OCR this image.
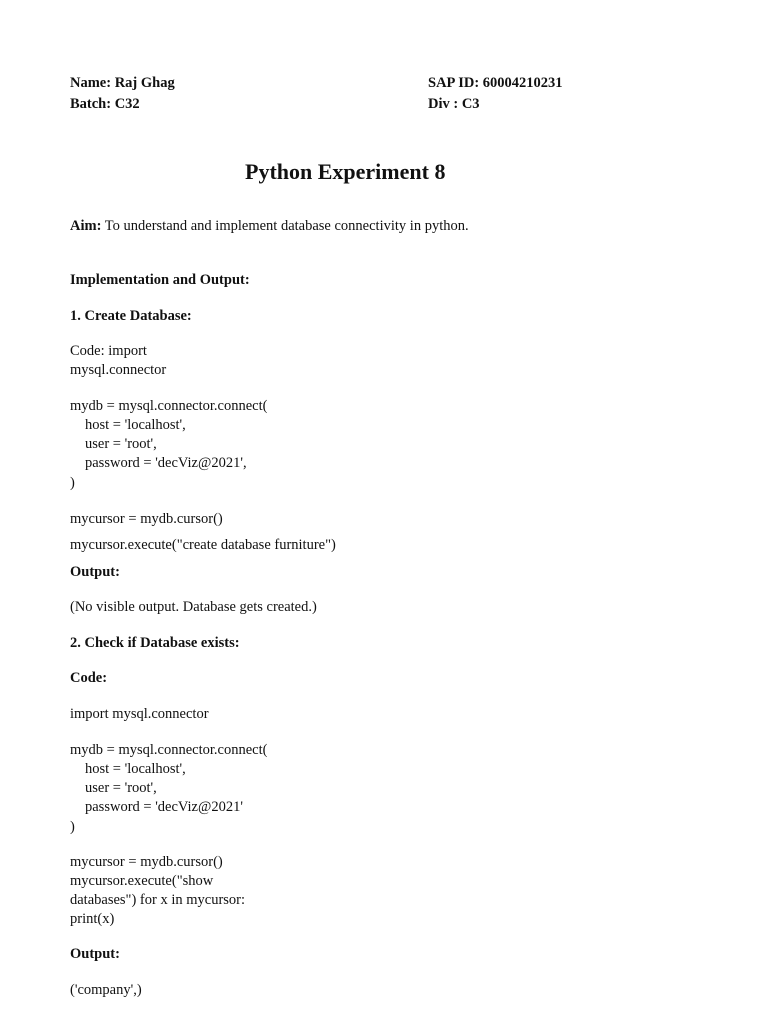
Name: Raj Ghag
Batch: C32
SAP ID: 60004210231
Div : C3
Python Experiment 8
Aim: To understand and implement database connectivity in python.
Implementation and Output:
1. Create Database:
Code: import
mysql.connector
mydb = mysql.connector.connect(
host = 'localhost',
user = 'root',
password = 'decViz@2021',
)
mycursor = mydb.cursor()
mycursor.execute("create database furniture")
Output:
(No visible output. Database gets created.)
2. Check if Database exists:
Code:
import mysql.connector
mydb = mysql.connector.connect(
host = 'localhost',
user = 'root',
password = 'decViz@2021'
)
mycursor = mydb.cursor()
mycursor.execute("show
databases") for x in mycursor:
print(x)
Output:
('company',)
